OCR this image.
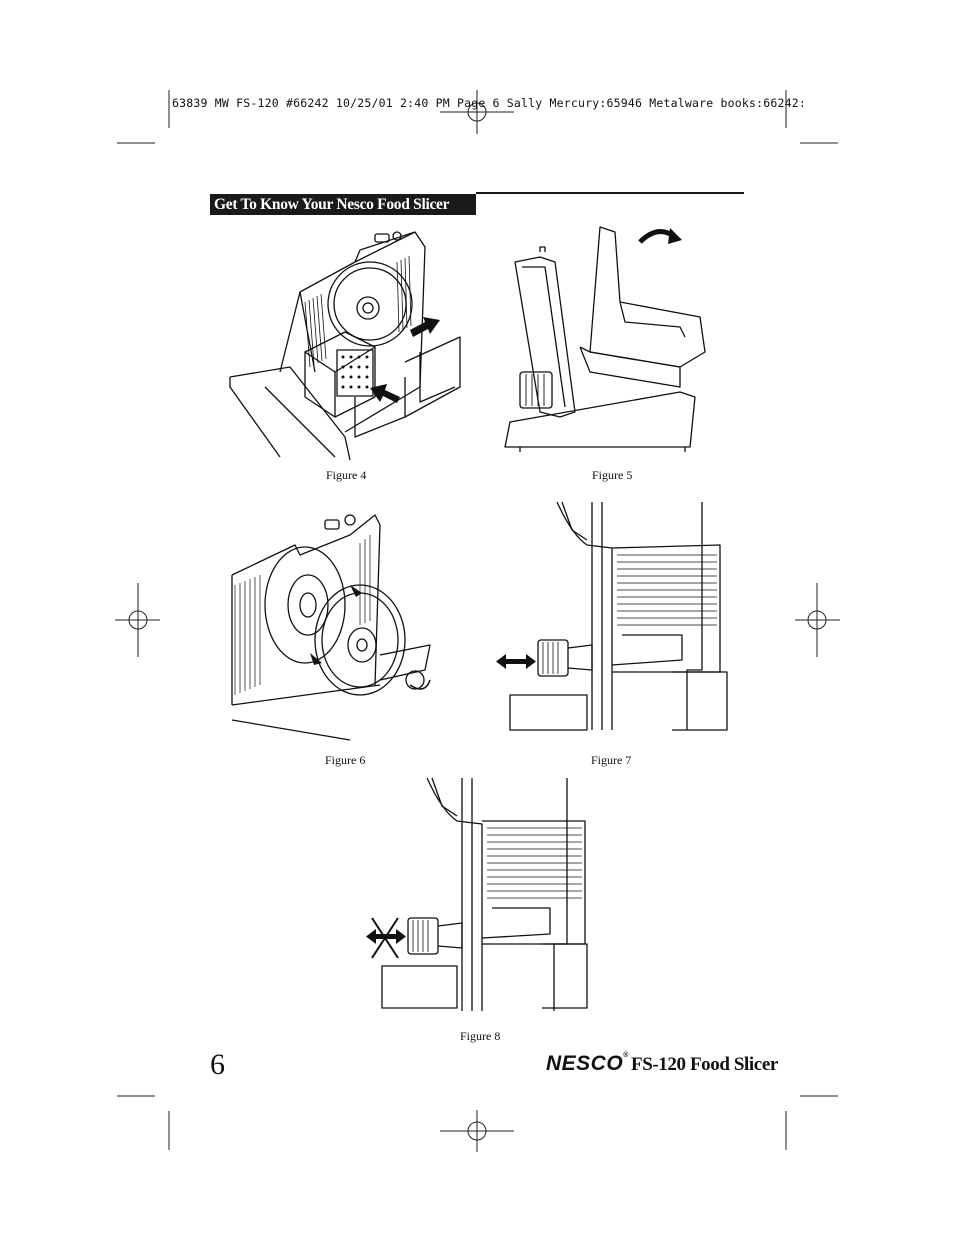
63839 MW FS-120 #66242 10/25/01 2:40 PM Page 6 Sally Mercury:65946 Metalware books:66242:
Get To Know Your Nesco Food Slicer
Figure 4	Figure 5
Figure 6	Figure 7
Figure 8
6	NESCO® FS-120 Food Slicer
